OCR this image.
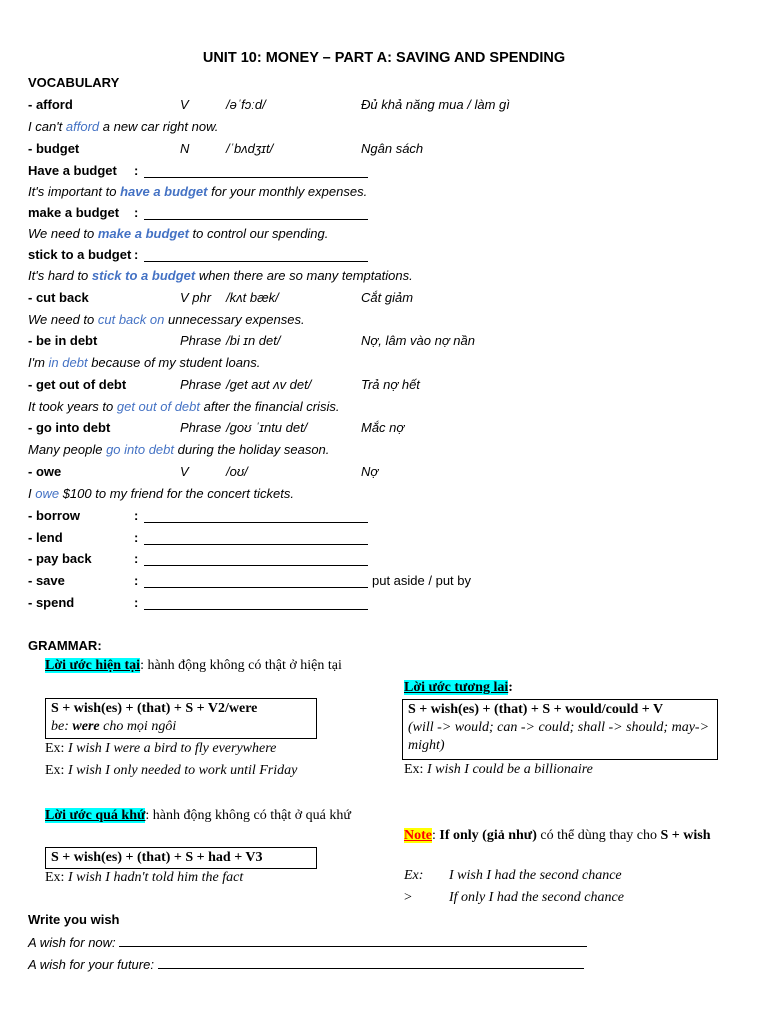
UNIT 10: MONEY – PART A: SAVING AND SPENDING
VOCABULARY
- afford	V	/əˈfɔːd/	Đủ khả năng mua / làm gì
I can't afford a new car right now.
- budget	N	/ˈbʌdʒɪt/	Ngân sách
Have a budget :
It's important to have a budget for your monthly expenses.
make a budget :
We need to make a budget to control our spending.
stick to a budget :
It's hard to stick to a budget when there are so many temptations.
- cut back	V phr /kʌt bæk/	Cắt giảm
We need to cut back on unnecessary expenses.
- be in debt	Phrase /bi ɪn det/	Nợ, lâm vào nợ nần
I'm in debt because of my student loans.
- get out of debt	Phrase /get aʊt ʌv det/	Trả nợ hết
It took years to get out of debt after the financial crisis.
- go into debt	Phrase /goʊ ˈɪntu det/	Mắc nợ
Many people go into debt during the holiday season.
- owe	V	/oʊ/	Nợ
I owe $100 to my friend for the concert tickets.
- borrow	:
- lend	:
- pay back	:
- save	:	put aside / put by
- spend	:
GRAMMAR:
Lời ước hiện tại: hành động không có thật ở hiện tại
S + wish(es) + (that) + S + V2/were
be: were cho mọi ngôi
Ex: I wish I were a bird to fly everywhere
Ex: I wish I only needed to work until Friday
Lời ước tương lai:
S + wish(es) + (that) + S + would/could + V
(will -> would; can -> could; shall -> should; may-> might)
Ex: I wish I could be a billionaire
Lời ước quá khứ: hành động không có thật ở quá khứ
S + wish(es) + (that) + S + had + V3
Ex: I wish I hadn't told him the fact
Note: If only (giả như) có thể dùng thay cho S + wish
Ex: I wish I had the second chance
>	If only I had the second chance
Write you wish
A wish for now:
A wish for your future:
